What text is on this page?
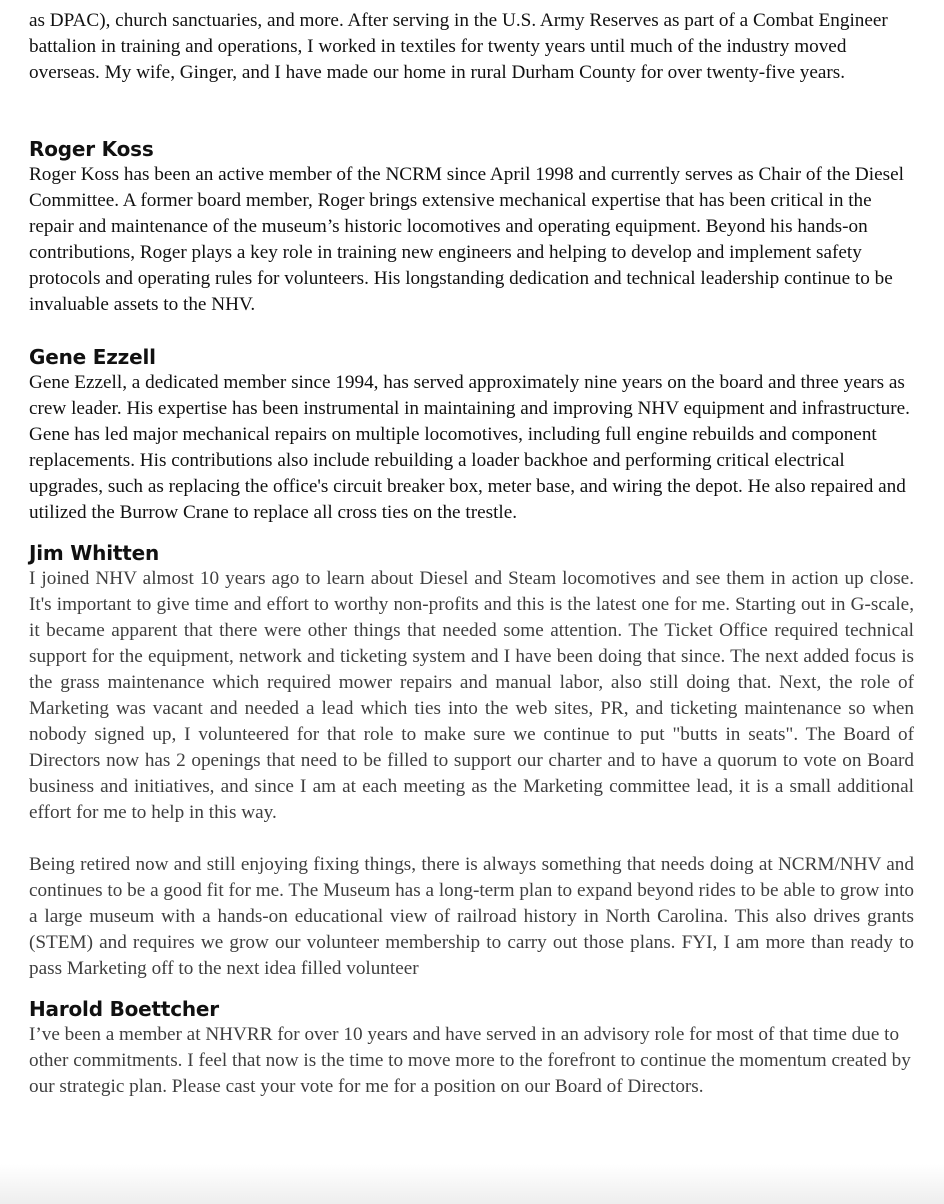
as DPAC), church sanctuaries, and more. After serving in the U.S. Army Reserves as part of a Combat Engineer battalion in training and operations, I worked in textiles for twenty years until much of the industry moved overseas. My wife, Ginger, and I have made our home in rural Durham County for over twenty-five years.

Roger Koss

Roger Koss has been an active member of the NCRM since April 1998 and currently serves as Chair of the Diesel Committee. A former board member, Roger brings extensive mechanical expertise that has been critical in the repair and maintenance of the museum’s historic locomotives and operating equipment. Beyond his hands-on contributions, Roger plays a key role in training new engineers and helping to develop and implement safety protocols and operating rules for volunteers. His longstanding dedication and technical leadership continue to be invaluable assets to the NHV.

Gene Ezzell

Gene Ezzell, a dedicated member since 1994, has served approximately nine years on the board and three years as crew leader. His expertise has been instrumental in maintaining and improving NHV equipment and infrastructure. Gene has led major mechanical repairs on multiple locomotives, including full engine rebuilds and component replacements. His contributions also include rebuilding a loader backhoe and performing critical electrical upgrades, such as replacing the office's circuit breaker box, meter base, and wiring the depot. He also repaired and utilized the Burrow Crane to replace all cross ties on the trestle.

Jim Whitten

I joined NHV almost 10 years ago to learn about Diesel and Steam locomotives and see them in action up close. It's important to give time and effort to worthy non-profits and this is the latest one for me. Starting out in G-scale, it became apparent that there were other things that needed some attention. The Ticket Office required technical support for the equipment, network and ticketing system and I have been doing that since. The next added focus is the grass maintenance which required mower repairs and manual labor, also still doing that. Next, the role of Marketing was vacant and needed a lead which ties into the web sites, PR, and ticketing maintenance so when nobody signed up, I volunteered for that role to make sure we continue to put "butts in seats". The Board of Directors now has 2 openings that need to be filled to support our charter and to have a quorum to vote on Board business and initiatives, and since I am at each meeting as the Marketing committee lead, it is a small additional effort for me to help in this way.

Being retired now and still enjoying fixing things, there is always something that needs doing at NCRM/NHV and continues to be a good fit for me. The Museum has a long-term plan to expand beyond rides to be able to grow into a large museum with a hands-on educational view of railroad history in North Carolina. This also drives grants (STEM) and requires we grow our volunteer membership to carry out those plans. FYI, I am more than ready to pass Marketing off to the next idea filled volunteer

Harold Boettcher

I’ve been a member at NHVRR for over 10 years and have served in an advisory role for most of that time due to other commitments. I feel that now is the time to move more to the forefront to continue the momentum created by our strategic plan. Please cast your vote for me for a position on our Board of Directors.
